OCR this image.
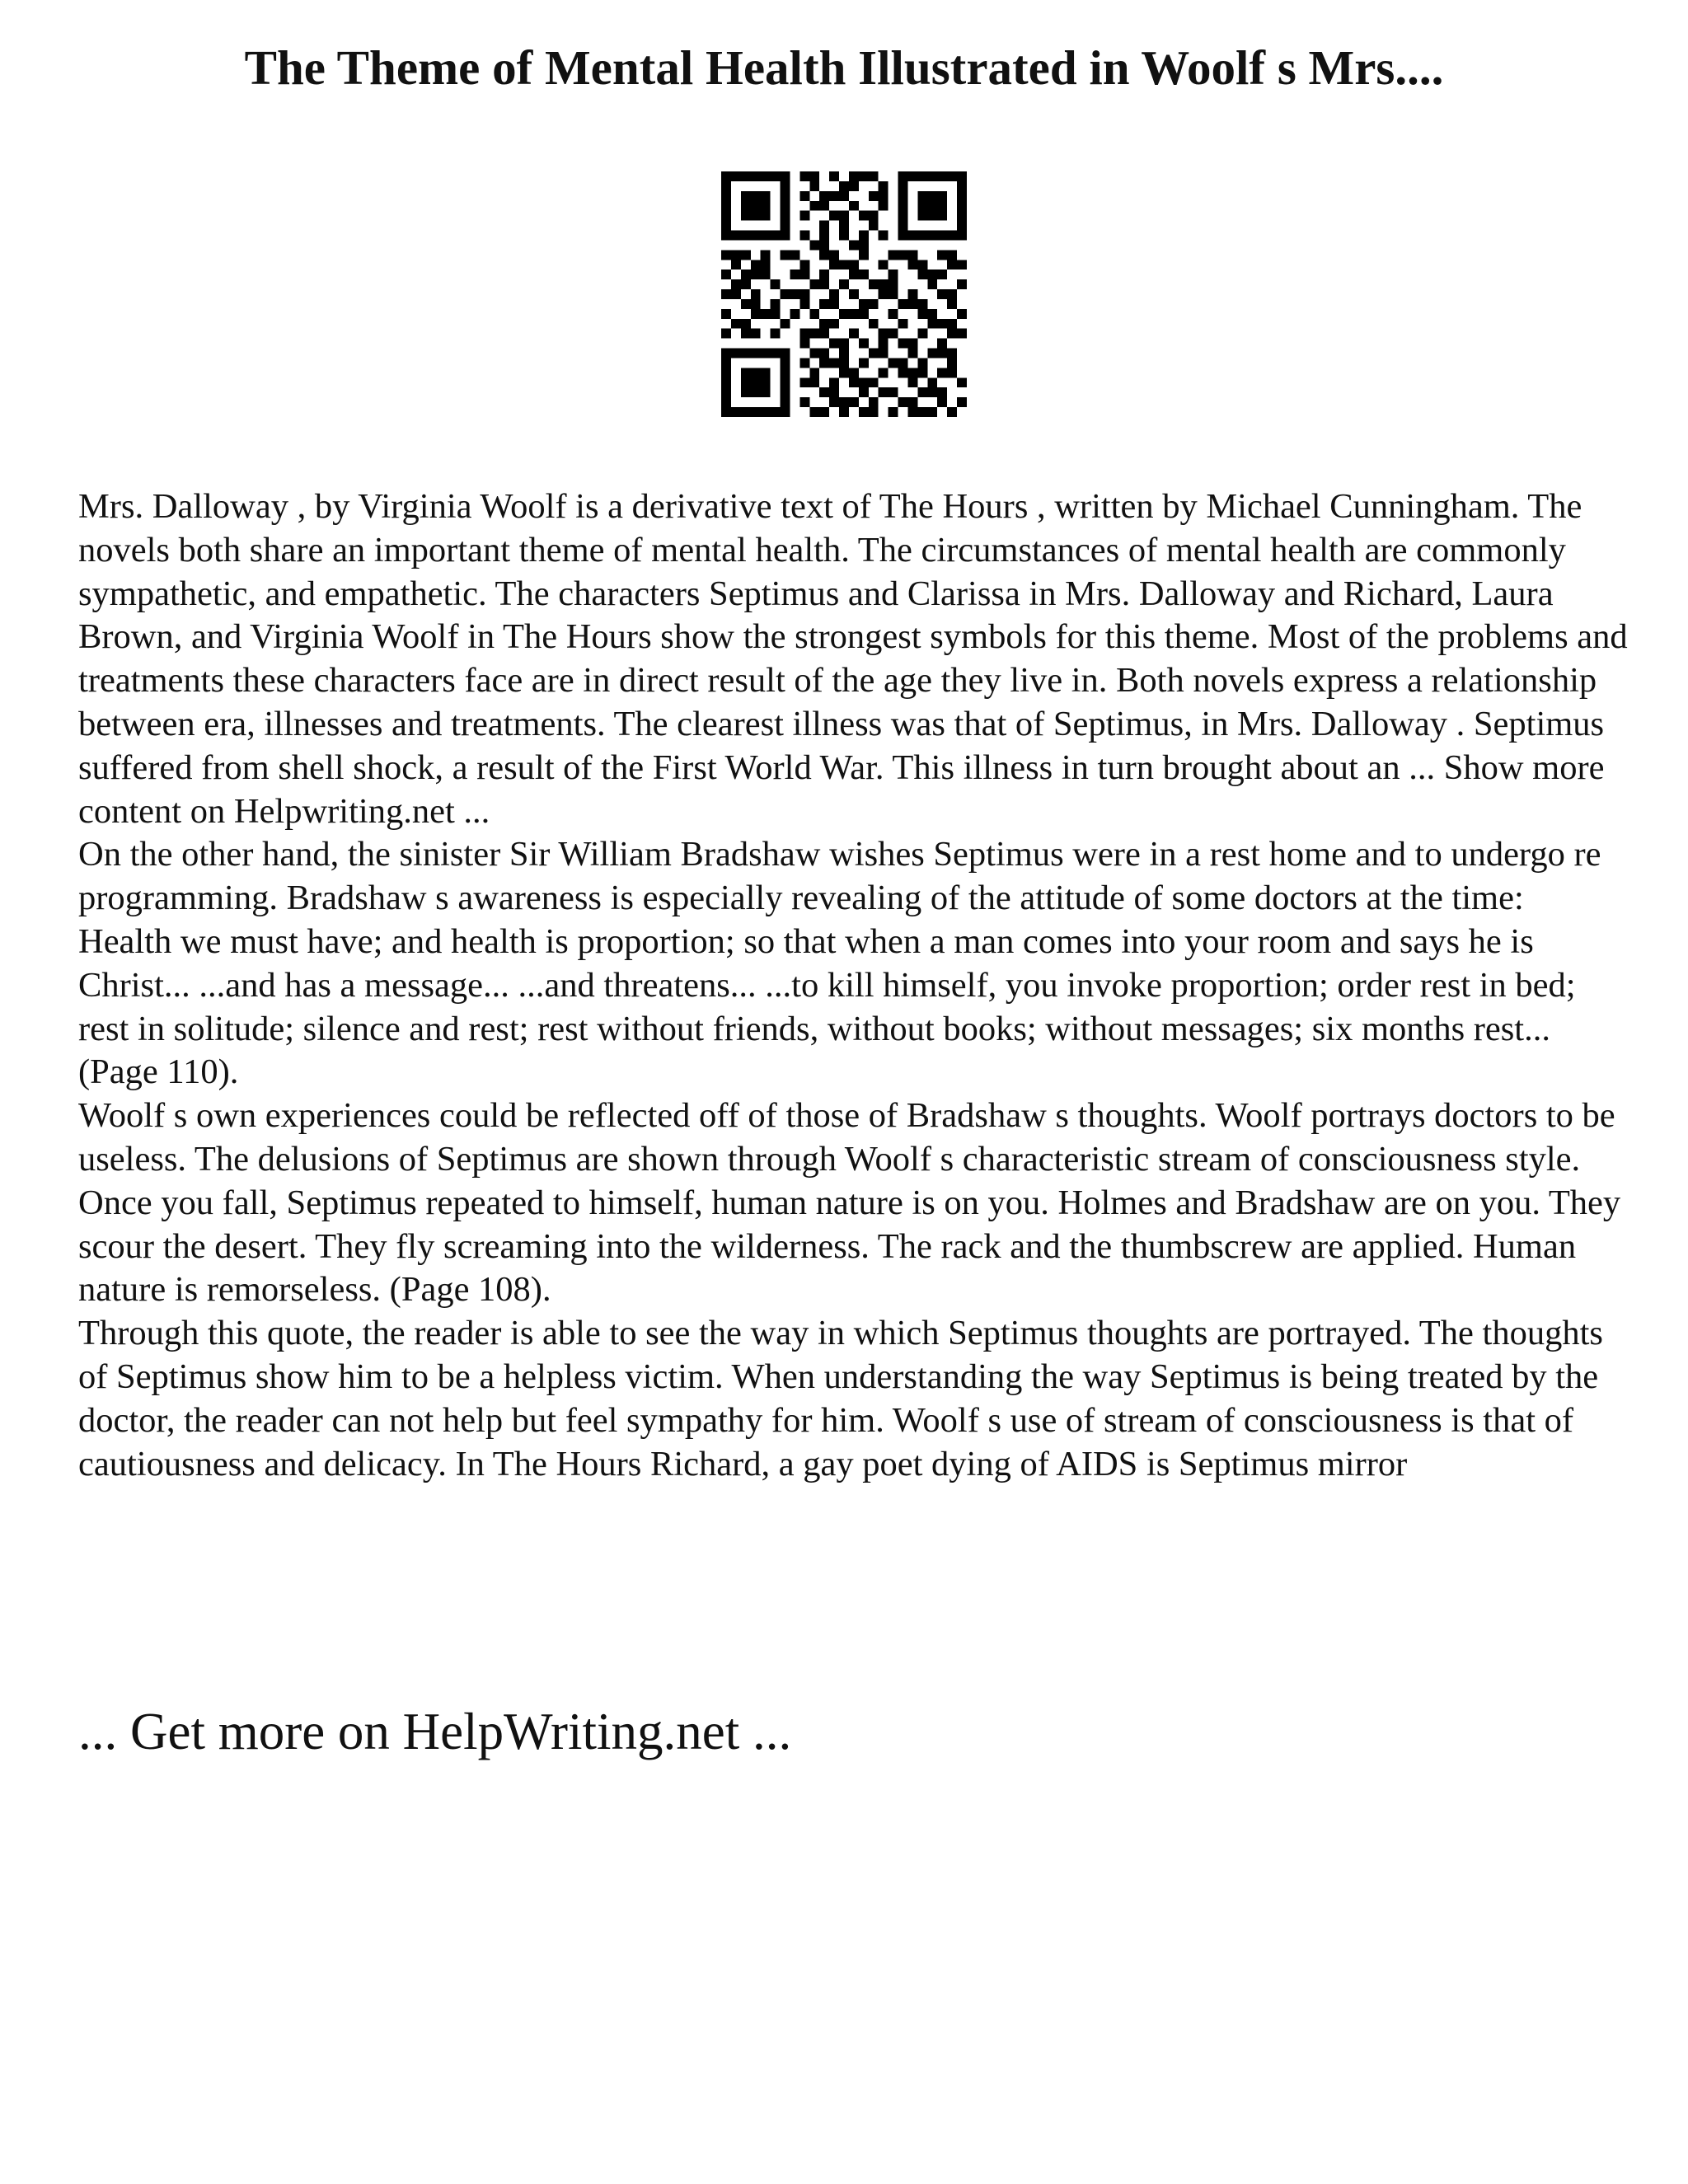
The Theme of Mental Health Illustrated in Woolf s Mrs....

Mrs. Dalloway , by Virginia Woolf is a derivative text of The Hours , written by Michael Cunningham. The novels both share an important theme of mental health. The circumstances of mental health are commonly sympathetic, and empathetic. The characters Septimus and Clarissa in Mrs. Dalloway and Richard, Laura Brown, and Virginia Woolf in The Hours show the strongest symbols for this theme. Most of the problems and treatments these characters face are in direct result of the age they live in. Both novels express a relationship between era, illnesses and treatments. The clearest illness was that of Septimus, in Mrs. Dalloway . Septimus suffered from shell shock, a result of the First World War. This illness in turn brought about an ... Show more content on Helpwriting.net ...

On the other hand, the sinister Sir William Bradshaw wishes Septimus were in a rest home and to undergo re programming. Bradshaw s awareness is especially revealing of the attitude of some doctors at the time:

Health we must have; and health is proportion; so that when a man comes into your room and says he is Christ... ...and has a message... ...and threatens... ...to kill himself, you invoke proportion; order rest in bed; rest in solitude; silence and rest; rest without friends, without books; without messages; six months rest... (Page 110).

Woolf s own experiences could be reflected off of those of Bradshaw s thoughts. Woolf portrays doctors to be useless. The delusions of Septimus are shown through Woolf s characteristic stream of consciousness style.

Once you fall, Septimus repeated to himself, human nature is on you. Holmes and Bradshaw are on you. They scour the desert. They fly screaming into the wilderness. The rack and the thumbscrew are applied. Human nature is remorseless. (Page 108).

Through this quote, the reader is able to see the way in which Septimus thoughts are portrayed. The thoughts of Septimus show him to be a helpless victim. When understanding the way Septimus is being treated by the doctor, the reader can not help but feel sympathy for him. Woolf s use of stream of consciousness is that of cautiousness and delicacy. In The Hours Richard, a gay poet dying of AIDS is Septimus mirror

... Get more on HelpWriting.net ...
